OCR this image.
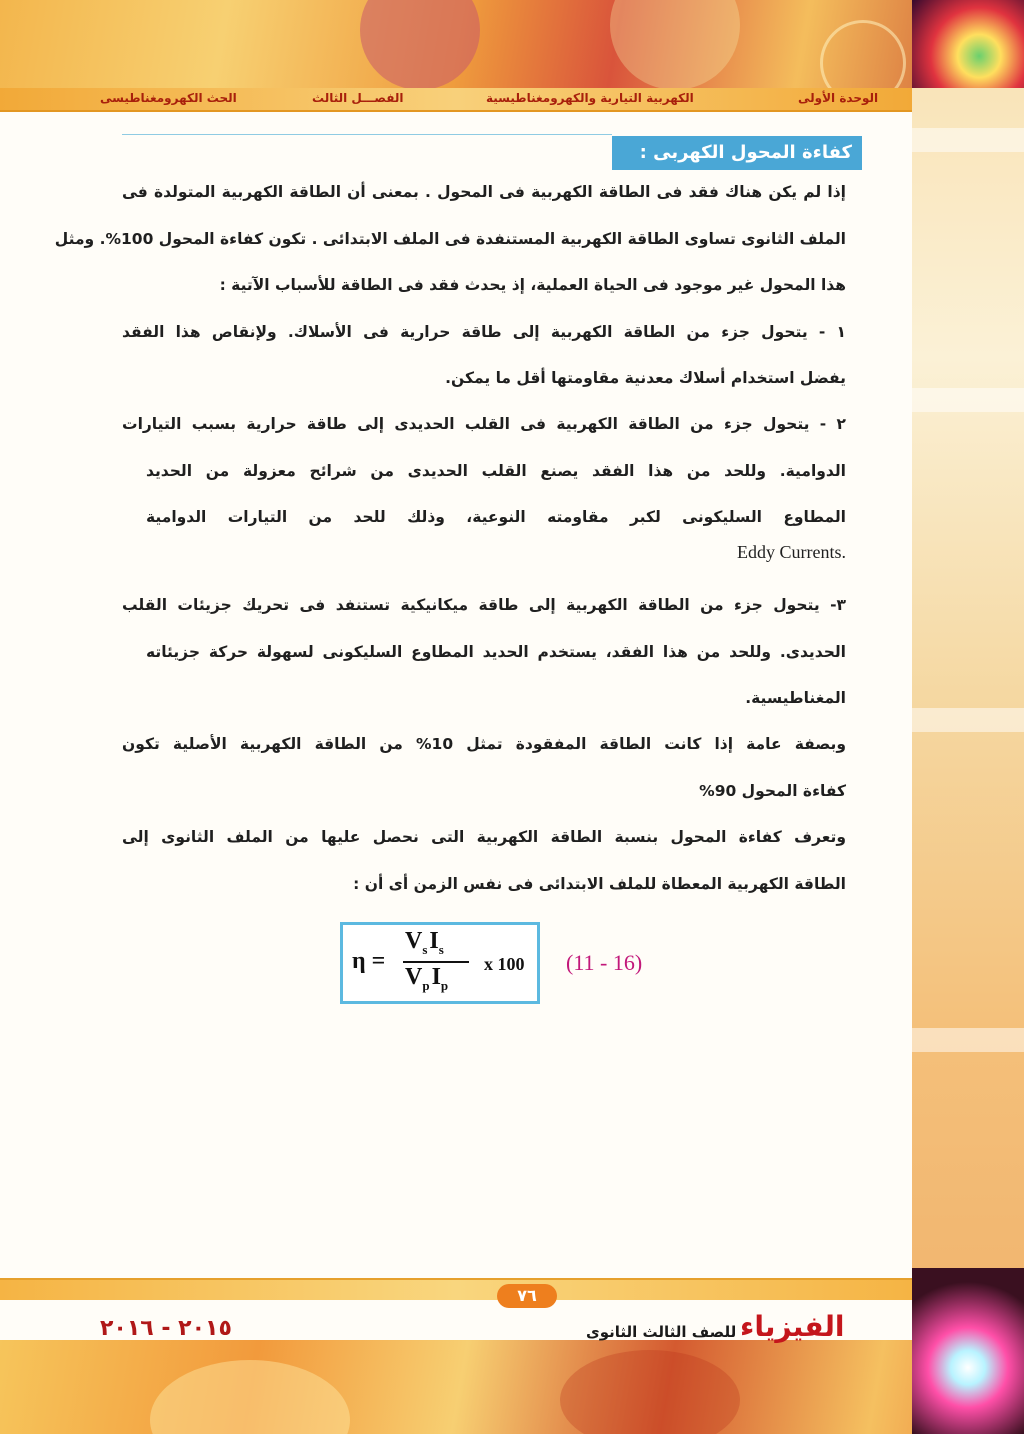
الوحدة الأولى
الكهربية التيارية والكهرومغناطيسية
الفصـــل الثالث
الحث الكهرومغناطيسى
كفاءة المحول الكهربى :
إذا لم يكن هناك فقد فى الطاقة الكهربية فى المحول . بمعنى أن الطاقة الكهربية المتولدة فى
الملف الثانوى تساوى الطاقة الكهربية المستنفدة فى الملف الابتدائى . تكون كفاءة المحول 100%. ومثل
هذا المحول غير موجود فى الحياة العملية، إذ يحدث فقد فى الطاقة للأسباب الآتية :
١ - يتحول جزء من الطاقة الكهربية إلى طاقة حرارية فى الأسلاك. ولإنقاص هذا الفقد
يفضل استخدام أسلاك معدنية مقاومتها أقل ما يمكن.
٢ - يتحول جزء من الطاقة الكهربية فى القلب الحديدى إلى طاقة حرارية بسبب التيارات
الدوامية. وللحد من هذا الفقد يصنع القلب الحديدى من شرائح معزولة من الحديد
المطاوع السليكونى لكبر مقاومته النوعية، وذلك للحد من التيارات الدوامية
Eddy Currents.
٣- يتحول جزء من الطاقة الكهربية إلى طاقة ميكانيكية تستنفد فى تحريك جزيئات القلب
الحديدى. وللحد من هذا الفقد، يستخدم الحديد المطاوع السليكونى لسهولة حركة جزيئاته
المغناطيسية.
وبصفة عامة إذا كانت الطاقة المفقودة تمثل 10% من الطاقة الكهربية الأصلية تكون
كفاءة المحول 90%
وتعرف كفاءة المحول بنسبة الطاقة الكهربية التى نحصل عليها من الملف الثانوى إلى
الطاقة الكهربية المعطاة للملف الابتدائى فى نفس الزمن أى أن :
η =
$V_sI_s$
$V_pI_p$
x 100 (11 - 16)
٧٦
الفيزياء
للصف الثالث الثانوى
٢٠١٥ - ٢٠١٦
